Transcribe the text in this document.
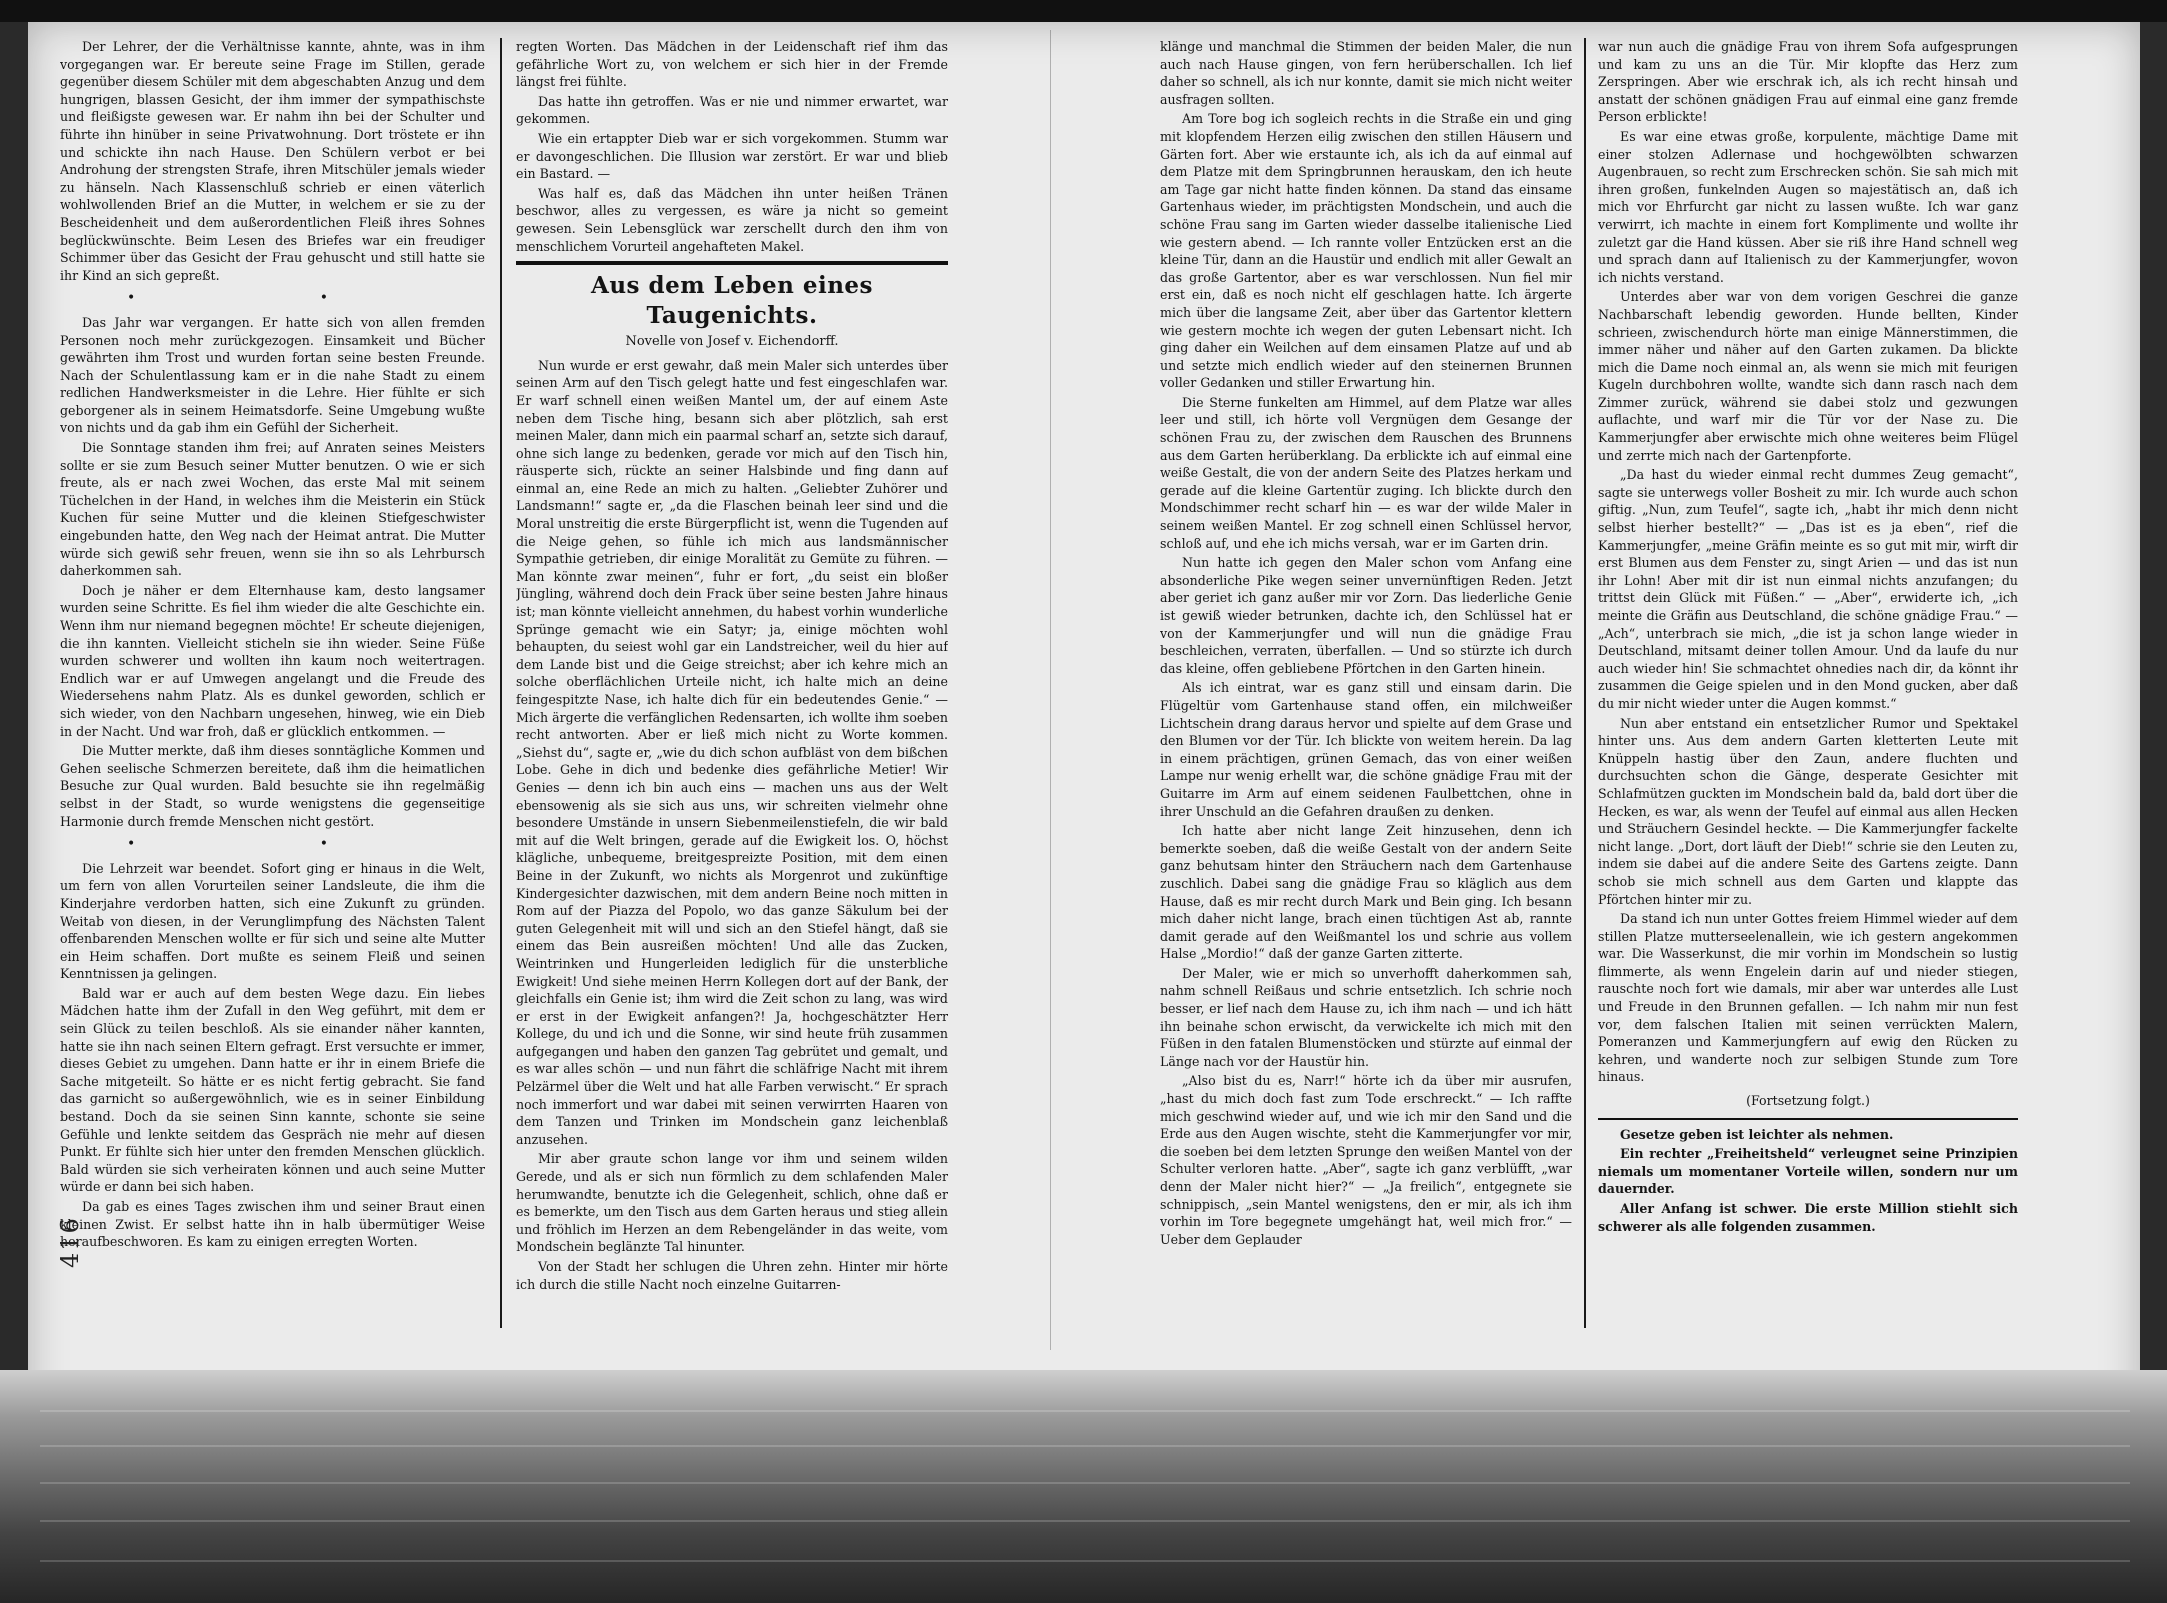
Der Lehrer, der die Verhältnisse kannte, ahnte, was in ihm vorgegangen war. Er bereute seine Frage im Stillen, gerade gegenüber diesem Schüler mit dem abgeschabten Anzug und dem hungrigen, blassen Gesicht, der ihm immer der sympathischste und fleißigste gewesen war. Er nahm ihn bei der Schulter und führte ihn hinüber in seine Privatwohnung. Dort tröstete er ihn und schickte ihn nach Hause. Den Schülern verbot er bei Androhung der strengsten Strafe, ihren Mitschüler jemals wieder zu hänseln. Nach Klassenschluß schrieb er einen väterlich wohlwollenden Brief an die Mutter, in welchem er sie zu der Bescheidenheit und dem außerordentlichen Fleiß ihres Sohnes beglückwünschte. Beim Lesen des Briefes war ein freudiger Schimmer über das Gesicht der Frau gehuscht und still hatte sie ihr Kind an sich gepreßt.

• •

Das Jahr war vergangen. Er hatte sich von allen fremden Personen noch mehr zurückgezogen. Einsamkeit und Bücher gewährten ihm Trost und wurden fortan seine besten Freunde. Nach der Schulentlassung kam er in die nahe Stadt zu einem redlichen Handwerksmeister in die Lehre. Hier fühlte er sich geborgener als in seinem Heimatsdorfe. Seine Umgebung wußte von nichts und da gab ihm ein Gefühl der Sicherheit.

Die Sonntage standen ihm frei; auf Anraten seines Meisters sollte er sie zum Besuch seiner Mutter benutzen. O wie er sich freute, als er nach zwei Wochen, das erste Mal mit seinem Tüchelchen in der Hand, in welches ihm die Meisterin ein Stück Kuchen für seine Mutter und die kleinen Stiefgeschwister eingebunden hatte, den Weg nach der Heimat antrat. Die Mutter würde sich gewiß sehr freuen, wenn sie ihn so als Lehrbursch daherkommen sah.

Doch je näher er dem Elternhause kam, desto langsamer wurden seine Schritte. Es fiel ihm wieder die alte Geschichte ein. Wenn ihm nur niemand begegnen möchte! Er scheute diejenigen, die ihn kannten. Vielleicht sticheln sie ihn wieder. Seine Füße wurden schwerer und wollten ihn kaum noch weitertragen. Endlich war er auf Umwegen angelangt und die Freude des Wiedersehens nahm Platz. Als es dunkel geworden, schlich er sich wieder, von den Nachbarn ungesehen, hinweg, wie ein Dieb in der Nacht. Und war froh, daß er glücklich entkommen. —

Die Mutter merkte, daß ihm dieses sonntägliche Kommen und Gehen seelische Schmerzen bereitete, daß ihm die heimatlichen Besuche zur Qual wurden. Bald besuchte sie ihn regelmäßig selbst in der Stadt, so wurde wenigstens die gegenseitige Harmonie durch fremde Menschen nicht gestört.

• •

Die Lehrzeit war beendet. Sofort ging er hinaus in die Welt, um fern von allen Vorurteilen seiner Landsleute, die ihm die Kinderjahre verdorben hatten, sich eine Zukunft zu gründen. Weitab von diesen, in der Verunglimpfung des Nächsten Talent offenbarenden Menschen wollte er für sich und seine alte Mutter ein Heim schaffen. Dort mußte es seinem Fleiß und seinen Kenntnissen ja gelingen.

Bald war er auch auf dem besten Wege dazu. Ein liebes Mädchen hatte ihm der Zufall in den Weg geführt, mit dem er sein Glück zu teilen beschloß. Als sie einander näher kannten, hatte sie ihn nach seinen Eltern gefragt. Erst versuchte er immer, dieses Gebiet zu umgehen. Dann hatte er ihr in einem Briefe die Sache mitgeteilt. So hätte er es nicht fertig gebracht. Sie fand das garnicht so außergewöhnlich, wie es in seiner Einbildung bestand. Doch da sie seinen Sinn kannte, schonte sie seine Gefühle und lenkte seitdem das Gespräch nie mehr auf diesen Punkt. Er fühlte sich hier unter den fremden Menschen glücklich. Bald würden sie sich verheiraten können und auch seine Mutter würde er dann bei sich haben.

Da gab es eines Tages zwischen ihm und seiner Braut einen kleinen Zwist. Er selbst hatte ihn in halb übermütiger Weise heraufbeschworen. Es kam zu einigen erregten Worten.

regten Worten. Das Mädchen in der Leidenschaft rief ihm das gefährliche Wort zu, von welchem er sich hier in der Fremde längst frei fühlte.

Das hatte ihn getroffen. Was er nie und nimmer erwartet, war gekommen.

Wie ein ertappter Dieb war er sich vorgekommen. Stumm war er davongeschlichen. Die Illusion war zerstört. Er war und blieb ein Bastard. —

Was half es, daß das Mädchen ihn unter heißen Tränen beschwor, alles zu vergessen, es wäre ja nicht so gemeint gewesen. Sein Lebensglück war zerschellt durch den ihm von menschlichem Vorurteil angehafteten Makel.

Aus dem Leben eines Taugenichts.
Novelle von Josef v. Eichendorff.

Nun wurde er erst gewahr, daß mein Maler sich unterdes über seinen Arm auf den Tisch gelegt hatte und fest eingeschlafen war. Er warf schnell einen weißen Mantel um, der auf einem Aste neben dem Tische hing, besann sich aber plötzlich, sah erst meinen Maler, dann mich ein paarmal scharf an, setzte sich darauf, ohne sich lange zu bedenken, gerade vor mich auf den Tisch hin, räusperte sich, rückte an seiner Halsbinde und fing dann auf einmal an, eine Rede an mich zu halten. „Geliebter Zuhörer und Landsmann!“ sagte er, „da die Flaschen beinah leer sind und die Moral unstreitig die erste Bürgerpflicht ist, wenn die Tugenden auf die Neige gehen, so fühle ich mich aus landsmännischer Sympathie getrieben, dir einige Moralität zu Gemüte zu führen. — Man könnte zwar meinen“, fuhr er fort, „du seist ein bloßer Jüngling, während doch dein Frack über seine besten Jahre hinaus ist; man könnte vielleicht annehmen, du habest vorhin wunderliche Sprünge gemacht wie ein Satyr; ja, einige möchten wohl behaupten, du seiest wohl gar ein Landstreicher, weil du hier auf dem Lande bist und die Geige streichst; aber ich kehre mich an solche oberflächlichen Urteile nicht, ich halte mich an deine feingespitzte Nase, ich halte dich für ein bedeutendes Genie.“ — Mich ärgerte die verfänglichen Redensarten, ich wollte ihm soeben recht antworten. Aber er ließ mich nicht zu Worte kommen. „Siehst du“, sagte er, „wie du dich schon aufbläst von dem bißchen Lobe. Gehe in dich und bedenke dies gefährliche Metier! Wir Genies — denn ich bin auch eins — machen uns aus der Welt ebensowenig als sie sich aus uns, wir schreiten vielmehr ohne besondere Umstände in unsern Siebenmeilenstiefeln, die wir bald mit auf die Welt bringen, gerade auf die Ewigkeit los. O, höchst klägliche, unbequeme, breitgespreizte Position, mit dem einen Beine in der Zukunft, wo nichts als Morgenrot und zukünftige Kindergesichter dazwischen, mit dem andern Beine noch mitten in Rom auf der Piazza del Popolo, wo das ganze Säkulum bei der guten Gelegenheit mit will und sich an den Stiefel hängt, daß sie einem das Bein ausreißen möchten! Und alle das Zucken, Weintrinken und Hungerleiden lediglich für die unsterbliche Ewigkeit! Und siehe meinen Herrn Kollegen dort auf der Bank, der gleichfalls ein Genie ist; ihm wird die Zeit schon zu lang, was wird er erst in der Ewigkeit anfangen?! Ja, hochgeschätzter Herr Kollege, du und ich und die Sonne, wir sind heute früh zusammen aufgegangen und haben den ganzen Tag gebrütet und gemalt, und es war alles schön — und nun fährt die schläfrige Nacht mit ihrem Pelzärmel über die Welt und hat alle Farben verwischt.“ Er sprach noch immerfort und war dabei mit seinen verwirrten Haaren von dem Tanzen und Trinken im Mondschein ganz leichenblaß anzusehen.

Mir aber graute schon lange vor ihm und seinem wilden Gerede, und als er sich nun förmlich zu dem schlafenden Maler herumwandte, benutzte ich die Gelegenheit, schlich, ohne daß er es bemerkte, um den Tisch aus dem Garten heraus und stieg allein und fröhlich im Herzen an dem Rebengeländer in das weite, vom Mondschein beglänzte Tal hinunter.

Von der Stadt her schlugen die Uhren zehn. Hinter mir hörte ich durch die stille Nacht noch einzelne Guitarren-

416

klänge und manchmal die Stimmen der beiden Maler, die nun auch nach Hause gingen, von fern herüberschallen. Ich lief daher so schnell, als ich nur konnte, damit sie mich nicht weiter ausfragen sollten.

Am Tore bog ich sogleich rechts in die Straße ein und ging mit klopfendem Herzen eilig zwischen den stillen Häusern und Gärten fort. Aber wie erstaunte ich, als ich da auf einmal auf dem Platze mit dem Springbrunnen herauskam, den ich heute am Tage gar nicht hatte finden können. Da stand das einsame Gartenhaus wieder, im prächtigsten Mondschein, und auch die schöne Frau sang im Garten wieder dasselbe italienische Lied wie gestern abend. — Ich rannte voller Entzücken erst an die kleine Tür, dann an die Haustür und endlich mit aller Gewalt an das große Gartentor, aber es war verschlossen. Nun fiel mir erst ein, daß es noch nicht elf geschlagen hatte. Ich ärgerte mich über die langsame Zeit, aber über das Gartentor klettern wie gestern mochte ich wegen der guten Lebensart nicht. Ich ging daher ein Weilchen auf dem einsamen Platze auf und ab und setzte mich endlich wieder auf den steinernen Brunnen voller Gedanken und stiller Erwartung hin.

Die Sterne funkelten am Himmel, auf dem Platze war alles leer und still, ich hörte voll Vergnügen dem Gesange der schönen Frau zu, der zwischen dem Rauschen des Brunnens aus dem Garten herüberklang. Da erblickte ich auf einmal eine weiße Gestalt, die von der andern Seite des Platzes herkam und gerade auf die kleine Gartentür zuging. Ich blickte durch den Mondschimmer recht scharf hin — es war der wilde Maler in seinem weißen Mantel. Er zog schnell einen Schlüssel hervor, schloß auf, und ehe ich michs versah, war er im Garten drin.

Nun hatte ich gegen den Maler schon vom Anfang eine absonderliche Pike wegen seiner unvernünftigen Reden. Jetzt aber geriet ich ganz außer mir vor Zorn. Das liederliche Genie ist gewiß wieder betrunken, dachte ich, den Schlüssel hat er von der Kammerjungfer und will nun die gnädige Frau beschleichen, verraten, überfallen. — Und so stürzte ich durch das kleine, offen gebliebene Pförtchen in den Garten hinein.

Als ich eintrat, war es ganz still und einsam darin. Die Flügeltür vom Gartenhause stand offen, ein milchweißer Lichtschein drang daraus hervor und spielte auf dem Grase und den Blumen vor der Tür. Ich blickte von weitem herein. Da lag in einem prächtigen, grünen Gemach, das von einer weißen Lampe nur wenig erhellt war, die schöne gnädige Frau mit der Guitarre im Arm auf einem seidenen Faulbettchen, ohne in ihrer Unschuld an die Gefahren draußen zu denken.

Ich hatte aber nicht lange Zeit hinzusehen, denn ich bemerkte soeben, daß die weiße Gestalt von der andern Seite ganz behutsam hinter den Sträuchern nach dem Gartenhause zuschlich. Dabei sang die gnädige Frau so kläglich aus dem Hause, daß es mir recht durch Mark und Bein ging. Ich besann mich daher nicht lange, brach einen tüchtigen Ast ab, rannte damit gerade auf den Weißmantel los und schrie aus vollem Halse „Mordio!“ daß der ganze Garten zitterte.

Der Maler, wie er mich so unverhofft daherkommen sah, nahm schnell Reißaus und schrie entsetzlich. Ich schrie noch besser, er lief nach dem Hause zu, ich ihm nach — und ich hätt ihn beinahe schon erwischt, da verwickelte ich mich mit den Füßen in den fatalen Blumenstöcken und stürzte auf einmal der Länge nach vor der Haustür hin.

„Also bist du es, Narr!“ hörte ich da über mir ausrufen, „hast du mich doch fast zum Tode erschreckt.“ — Ich raffte mich geschwind wieder auf, und wie ich mir den Sand und die Erde aus den Augen wischte, steht die Kammerjungfer vor mir, die soeben bei dem letzten Sprunge den weißen Mantel von der Schulter verloren hatte. „Aber“, sagte ich ganz verblüfft, „war denn der Maler nicht hier?“ — „Ja freilich“, entgegnete sie schnippisch, „sein Mantel wenigstens, den er mir, als ich ihm vorhin im Tore begegnete umgehängt hat, weil mich fror.“ — Ueber dem Geplauder

war nun auch die gnädige Frau von ihrem Sofa aufgesprungen und kam zu uns an die Tür. Mir klopfte das Herz zum Zerspringen. Aber wie erschrak ich, als ich recht hinsah und anstatt der schönen gnädigen Frau auf einmal eine ganz fremde Person erblickte!

Es war eine etwas große, korpulente, mächtige Dame mit einer stolzen Adlernase und hochgewölbten schwarzen Augenbrauen, so recht zum Erschrecken schön. Sie sah mich mit ihren großen, funkelnden Augen so majestätisch an, daß ich mich vor Ehrfurcht gar nicht zu lassen wußte. Ich war ganz verwirrt, ich machte in einem fort Komplimente und wollte ihr zuletzt gar die Hand küssen. Aber sie riß ihre Hand schnell weg und sprach dann auf Italienisch zu der Kammerjungfer, wovon ich nichts verstand.

Unterdes aber war von dem vorigen Geschrei die ganze Nachbarschaft lebendig geworden. Hunde bellten, Kinder schrieen, zwischendurch hörte man einige Männerstimmen, die immer näher und näher auf den Garten zukamen. Da blickte mich die Dame noch einmal an, als wenn sie mich mit feurigen Kugeln durchbohren wollte, wandte sich dann rasch nach dem Zimmer zurück, während sie dabei stolz und gezwungen auflachte, und warf mir die Tür vor der Nase zu. Die Kammerjungfer aber erwischte mich ohne weiteres beim Flügel und zerrte mich nach der Gartenpforte.

„Da hast du wieder einmal recht dummes Zeug gemacht“, sagte sie unterwegs voller Bosheit zu mir. Ich wurde auch schon giftig. „Nun, zum Teufel“, sagte ich, „habt ihr mich denn nicht selbst hierher bestellt?“ — „Das ist es ja eben“, rief die Kammerjungfer, „meine Gräfin meinte es so gut mit mir, wirft dir erst Blumen aus dem Fenster zu, singt Arien — und das ist nun ihr Lohn! Aber mit dir ist nun einmal nichts anzufangen; du trittst dein Glück mit Füßen.“ — „Aber“, erwiderte ich, „ich meinte die Gräfin aus Deutschland, die schöne gnädige Frau.“ — „Ach“, unterbrach sie mich, „die ist ja schon lange wieder in Deutschland, mitsamt deiner tollen Amour. Und da laufe du nur auch wieder hin! Sie schmachtet ohnedies nach dir, da könnt ihr zusammen die Geige spielen und in den Mond gucken, aber daß du mir nicht wieder unter die Augen kommst.“

Nun aber entstand ein entsetzlicher Rumor und Spektakel hinter uns. Aus dem andern Garten kletterten Leute mit Knüppeln hastig über den Zaun, andere fluchten und durchsuchten schon die Gänge, desperate Gesichter mit Schlafmützen guckten im Mondschein bald da, bald dort über die Hecken, es war, als wenn der Teufel auf einmal aus allen Hecken und Sträuchern Gesindel heckte. — Die Kammerjungfer fackelte nicht lange. „Dort, dort läuft der Dieb!“ schrie sie den Leuten zu, indem sie dabei auf die andere Seite des Gartens zeigte. Dann schob sie mich schnell aus dem Garten und klappte das Pförtchen hinter mir zu.

Da stand ich nun unter Gottes freiem Himmel wieder auf dem stillen Platze mutterseelenallein, wie ich gestern angekommen war. Die Wasserkunst, die mir vorhin im Mondschein so lustig flimmerte, als wenn Engelein darin auf und nieder stiegen, rauschte noch fort wie damals, mir aber war unterdes alle Lust und Freude in den Brunnen gefallen. — Ich nahm mir nun fest vor, dem falschen Italien mit seinen verrückten Malern, Pomeranzen und Kammerjungfern auf ewig den Rücken zu kehren, und wanderte noch zur selbigen Stunde zum Tore hinaus.

(Fortsetzung folgt.)

Gesetze geben ist leichter als nehmen.

Ein rechter „Freiheitsheld“ verleugnet seine Prinzipien niemals um momentaner Vorteile willen, sondern nur um dauernder.

Aller Anfang ist schwer. Die erste Million stiehlt sich schwerer als alle folgenden zusammen.
